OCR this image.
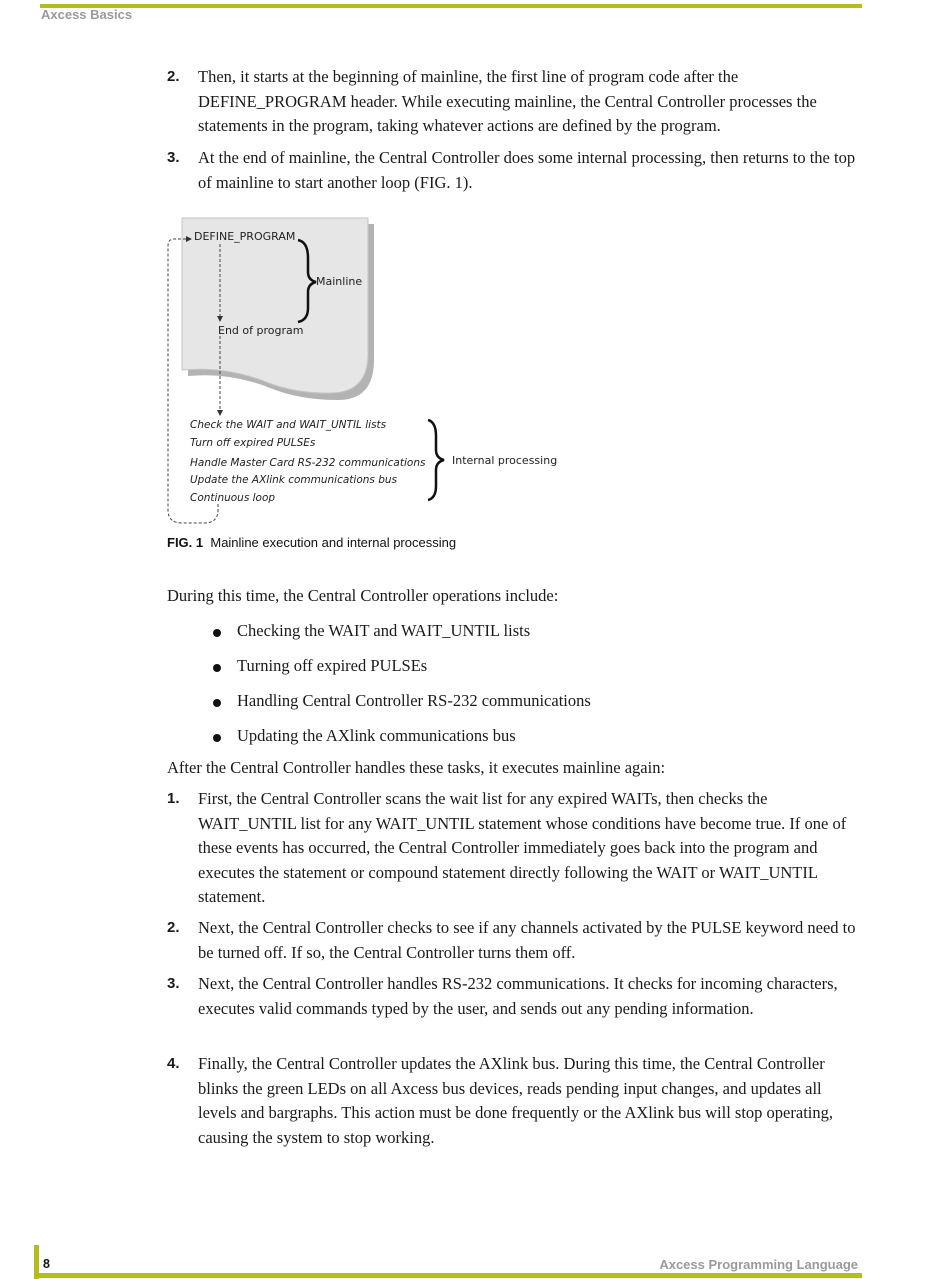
Axcess Basics
2. Then, it starts at the beginning of mainline, the first line of program code after the DEFINE_PROGRAM header. While executing mainline, the Central Controller processes the statements in the program, taking whatever actions are defined by the program.
3. At the end of mainline, the Central Controller does some internal processing, then returns to the top of mainline to start another loop (FIG. 1).
DEFINE_PROGRAM
Mainline
End of program
Check the WAIT and WAIT_UNTIL lists
Turn off expired PULSEs
Handle Master Card RS-232 communications
Update the AXlink communications bus
Continuous loop
Internal processing
FIG. 1 Mainline execution and internal processing
During this time, the Central Controller operations include:
Checking the WAIT and WAIT_UNTIL lists
Turning off expired PULSEs
Handling Central Controller RS-232 communications
Updating the AXlink communications bus
After the Central Controller handles these tasks, it executes mainline again:
1. First, the Central Controller scans the wait list for any expired WAITs, then checks the WAIT_UNTIL list for any WAIT_UNTIL statement whose conditions have become true. If one of these events has occurred, the Central Controller immediately goes back into the program and executes the statement or compound statement directly following the WAIT or WAIT_UNTIL statement.
2. Next, the Central Controller checks to see if any channels activated by the PULSE keyword need to be turned off. If so, the Central Controller turns them off.
3. Next, the Central Controller handles RS-232 communications. It checks for incoming characters, executes valid commands typed by the user, and sends out any pending information.
4. Finally, the Central Controller updates the AXlink bus. During this time, the Central Controller blinks the green LEDs on all Axcess bus devices, reads pending input changes, and updates all levels and bargraphs. This action must be done frequently or the AXlink bus will stop operating, causing the system to stop working.
8	Axcess Programming Language
